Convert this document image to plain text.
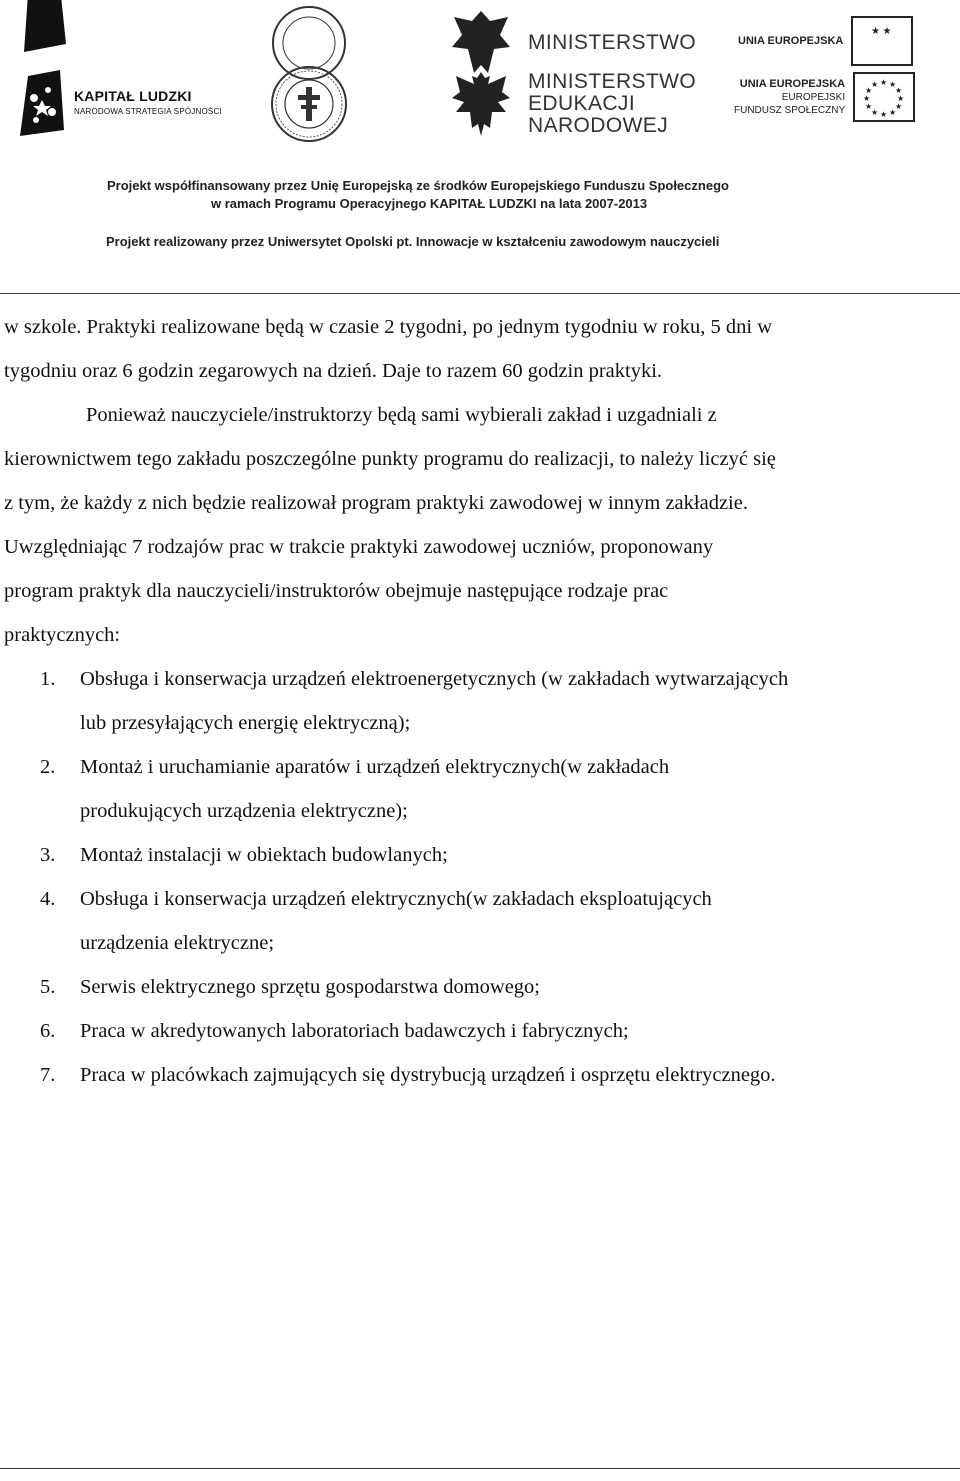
MINISTERSTWO	UNIA EUROPEJSKA
★ ★
KAPITAŁ LUDZKI
NARODOWA STRATEGIA SPÓJNOŚCI
MINISTERSTWO
EDUKACJI
NARODOWEJ
UNIA EUROPEJSKA
EUROPEJSKI
FUNDUSZ SPOŁECZNY
★ ★
★
★
★
★
★
★
★
★
★
★
Projekt współfinansowany przez Unię Europejską ze środków Europejskiego Funduszu Społecznego
w ramach Programu Operacyjnego KAPITAŁ LUDZKI na lata 2007-2013
Projekt realizowany przez Uniwersytet Opolski pt. Innowacje w kształceniu zawodowym nauczycieli
w szkole. Praktyki realizowane będą w czasie 2 tygodni, po jednym tygodniu w roku, 5 dni w
tygodniu oraz 6 godzin zegarowych na dzień. Daje to razem 60 godzin praktyki.
Ponieważ nauczyciele/instruktorzy będą sami wybierali zakład i uzgadniali z
kierownictwem tego zakładu poszczególne punkty programu do realizacji, to należy liczyć się
z tym, że każdy z nich będzie realizował program praktyki zawodowej w innym zakładzie.
Uwzględniając 7 rodzajów prac w trakcie praktyki zawodowej uczniów, proponowany
program praktyk dla nauczycieli/instruktorów obejmuje następujące rodzaje prac
praktycznych:
1. Obsługa i konserwacja urządzeń elektroenergetycznych (w zakładach wytwarzających
lub przesyłających energię elektryczną);
2. Montaż i uruchamianie aparatów i urządzeń elektrycznych(w zakładach
produkujących urządzenia elektryczne);
3. Montaż instalacji w obiektach budowlanych;
4. Obsługa i konserwacja urządzeń elektrycznych(w zakładach eksploatujących
urządzenia elektryczne;
5. Serwis elektrycznego sprzętu gospodarstwa domowego;
6. Praca w akredytowanych laboratoriach badawczych i fabrycznych;
7. Praca w placówkach zajmujących się dystrybucją urządzeń i osprzętu elektrycznego.
